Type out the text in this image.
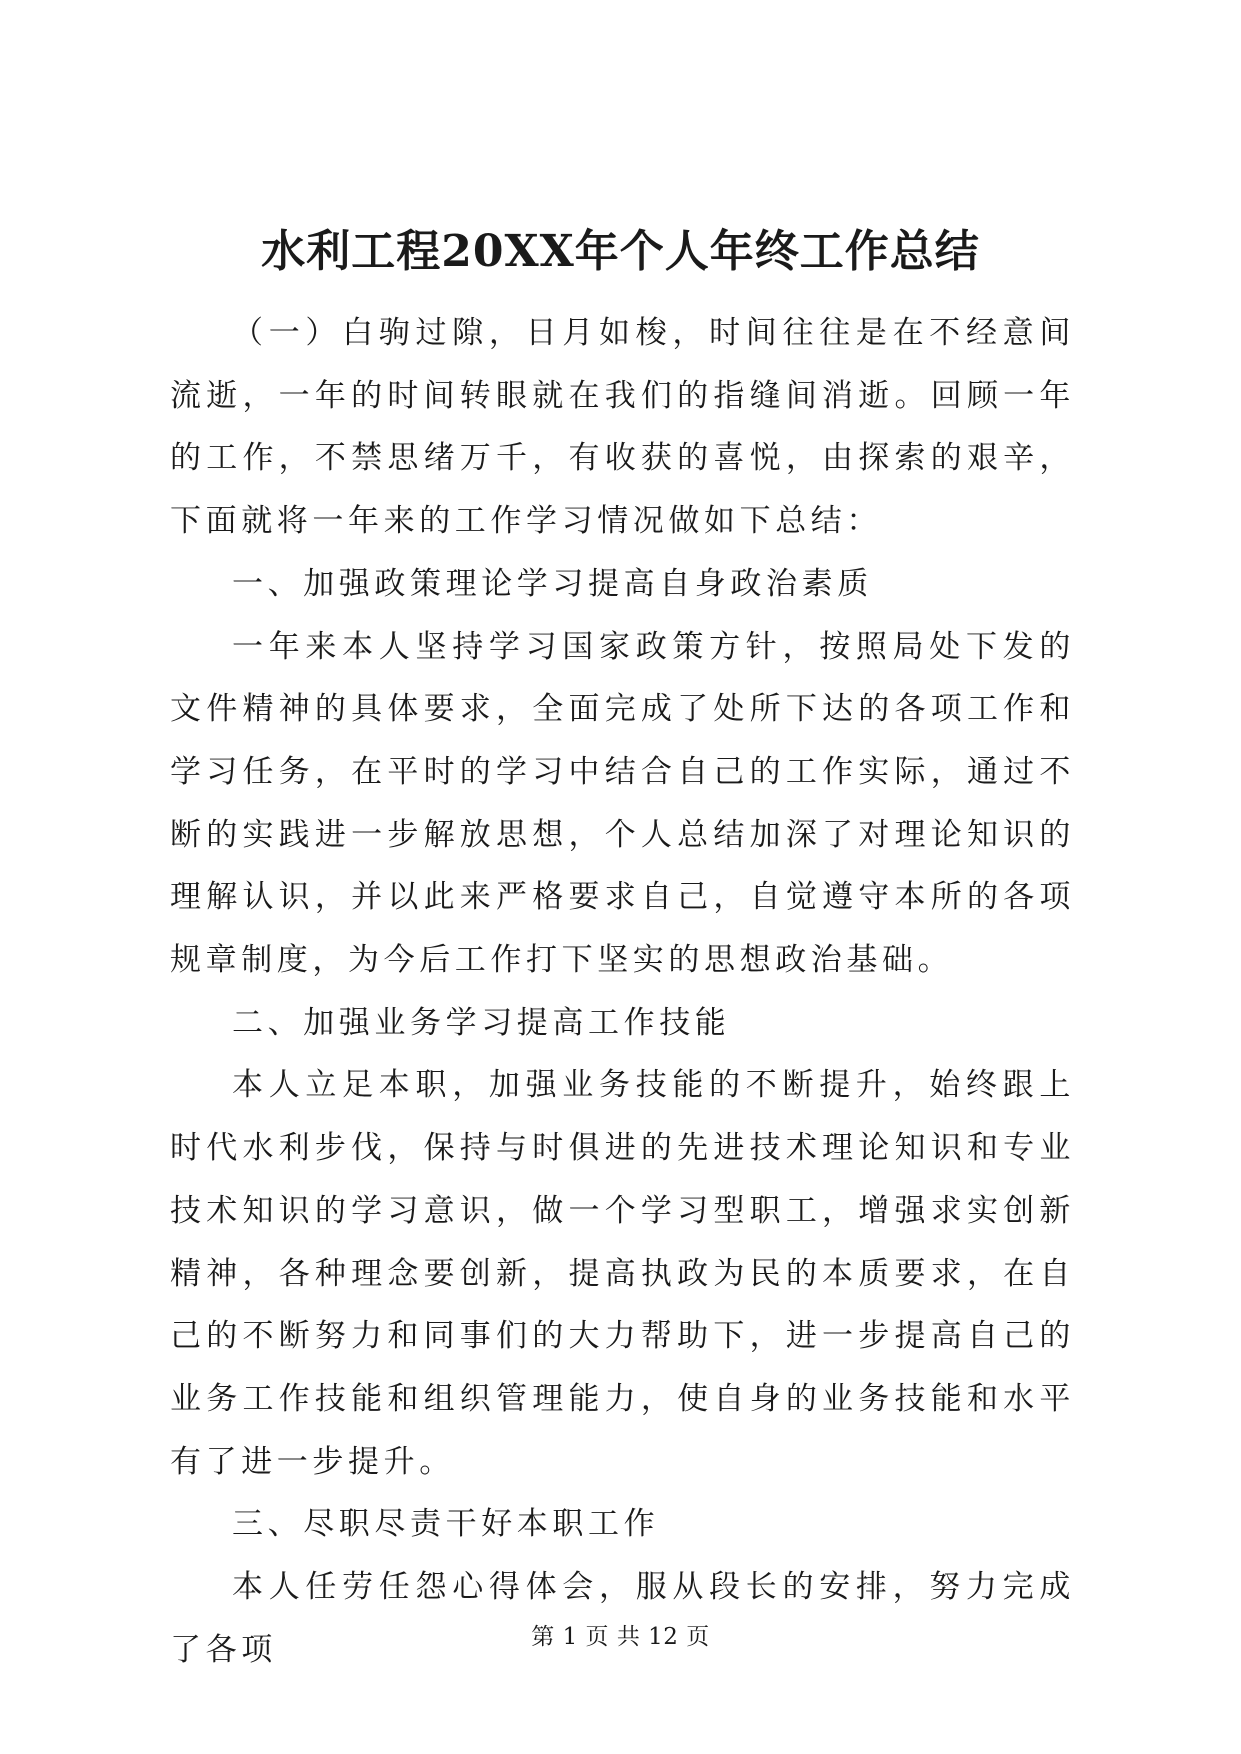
水利工程20XX年个人年终工作总结

（一）白驹过隙，日月如梭，时间往往是在不经意间流逝，一年的时间转眼就在我们的指缝间消逝。回顾一年的工作，不禁思绪万千，有收获的喜悦，由探索的艰辛，下面就将一年来的工作学习情况做如下总结：

一、加强政策理论学习提高自身政治素质

一年来本人坚持学习国家政策方针，按照局处下发的文件精神的具体要求，全面完成了处所下达的各项工作和学习任务，在平时的学习中结合自己的工作实际，通过不断的实践进一步解放思想，个人总结加深了对理论知识的理解认识，并以此来严格要求自己，自觉遵守本所的各项规章制度，为今后工作打下坚实的思想政治基础。

二、加强业务学习提高工作技能

本人立足本职，加强业务技能的不断提升，始终跟上时代水利步伐，保持与时俱进的先进技术理论知识和专业技术知识的学习意识，做一个学习型职工，增强求实创新精神，各种理念要创新，提高执政为民的本质要求，在自己的不断努力和同事们的大力帮助下，进一步提高自己的业务工作技能和组织管理能力，使自身的业务技能和水平有了进一步提升。

三、尽职尽责干好本职工作

本人任劳任怨心得体会，服从段长的安排，努力完成了各项	第 1 页 共 12 页
